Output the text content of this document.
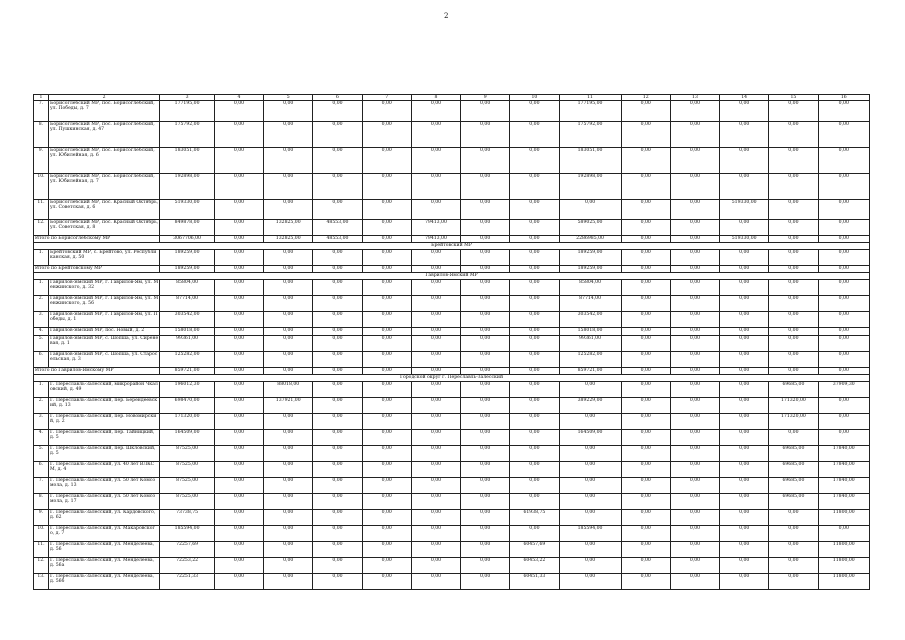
2
1	2	3	4	5	6	7	8	9	10	11	12	13	14	15	16
7.	Борисоглебский МР, пос. Борисоглебский, ул. Победы, д. 7	177195,00	0,00	0,00	0,00	0,00	0,00	0,00	0,00	177195,00	0,00	0,00	0,00	0,00	0,00
8.	Борисоглебский МР, пос. Борисоглебский, ул. Пушкинская, д. 47	175792,00	0,00	0,00	0,00	0,00	0,00	0,00	0,00	175792,00	0,00	0,00	0,00	0,00	0,00
9.	Борисоглебский МР, пос. Борисоглебский, ул. Юбилейная, д. 6	183051,00	0,00	0,00	0,00	0,00	0,00	0,00	0,00	183051,00	0,00	0,00	0,00	0,00	0,00
10.	Борисоглебский МР, пос. Борисоглебский, ул. Юбилейная, д. 7	192898,00	0,00	0,00	0,00	0,00	0,00	0,00	0,00	192898,00	0,00	0,00	0,00	0,00	0,00
11.	Борисоглебский МР, пос. Красный Октябрь, ул. Советская, д. 6	519330,00	0,00	0,00	0,00	0,00	0,00	0,00	0,00	0,00	0,00	0,00	519330,00	0,00	0,00
12.	Борисоглебский МР, пос. Красный Октябрь, ул. Советская, д. 8	849878,00	0,00	132825,00	48553,00	0,00	79413,00	0,00	0,00	589025,00	0,00	0,00	0,00	0,00	0,00
Итого по Борисоглебскому МР		3067706,00	0,00	132825,00	48553,00	0,00	79413,00	0,00	0,00	2286985,00	0,00	0,00	519330,00	0,00	0,00
Брейтовский МР															
1.	Брейтовский МР, с. Брейтово, ул. Республиканская, д. 50	189259,00	0,00	0,00	0,00	0,00	0,00	0,00	0,00	189259,00	0,00	0,00	0,00	0,00	0,00
Итого по Брейтовскому МР		189259,00	0,00	0,00	0,00	0,00	0,00	0,00	0,00	189259,00	0,00	0,00	0,00	0,00	0,00
Гаврилов-Ямский МР															
1.	Гаврилов-Ямский МР, г. Гаврилов-Ям, ул. Менжинского, д. 32	85804,00	0,00	0,00	0,00	0,00	0,00	0,00	0,00	85804,00	0,00	0,00	0,00	0,00	0,00
2.	Гаврилов-Ямский МР, г. Гаврилов-Ям, ул. Менжинского, д. 56	87714,00	0,00	0,00	0,00	0,00	0,00	0,00	0,00	87714,00	0,00	0,00	0,00	0,00	0,00
3.	Гаврилов-Ямский МР, г. Гаврилов-Ям, ул. Победы, д. 1	303542,00	0,00	0,00	0,00	0,00	0,00	0,00	0,00	303542,00	0,00	0,00	0,00	0,00	0,00
4.	Гаврилов-Ямский МР, пос. Новый, д. 2	158018,00	0,00	0,00	0,00	0,00	0,00	0,00	0,00	158018,00	0,00	0,00	0,00	0,00	0,00
5.	Гаврилов-Ямский МР, с. Шопша, ул. Сиреневая, д. 1	99361,00	0,00	0,00	0,00	0,00	0,00	0,00	0,00	99361,00	0,00	0,00	0,00	0,00	0,00
6.	Гаврилов-Ямский МР, с. Шопша, ул. Старосельская, д. 3	125282,00	0,00	0,00	0,00	0,00	0,00	0,00	0,00	125282,00	0,00	0,00	0,00	0,00	0,00
Итого по Гаврилов-Ямскому МР		859721,00	0,00	0,00	0,00	0,00	0,00	0,00	0,00	859721,00	0,00	0,00	0,00	0,00	0,00
Городской округ г. Переславль-Залесский															
1.	Г. Переславль-Залесский, микрорайон Чкаловский, д. 49	196012,30	0,00	88018,00	0,00	0,00	0,00	0,00	0,00	0,00	0,00	0,00	0,00	69685,00	37909,30
2.	Г. Переславль-Залесский, пер. Берендеевский, д. 13	698470,00	0,00	137921,00	0,00	0,00	0,00	0,00	0,00	389229,00	0,00	0,00	0,00	171320,00	0,00
3.	Г. Переславль-Залесский, пер. Новомирский, д. 2	171320,00	0,00	0,00	0,00	0,00	0,00	0,00	0,00	0,00	0,00	0,00	0,00	171320,00	0,00
4.	Г. Переславль-Залесский, пер. Тайницкий, д. 5	164509,00	0,00	0,00	0,00	0,00	0,00	0,00	0,00	164509,00	0,00	0,00	0,00	0,00	0,00
5.	Г. Переславль-Залесский, пер. Шкловский, д. 5	87525,00	0,00	0,00	0,00	0,00	0,00	0,00	0,00	0,00	0,00	0,00	0,00	69685,00	17840,00
6.	Г. Переславль-Залесский, ул. 40 лет ВЛКСМ, д. 4	87525,00	0,00	0,00	0,00	0,00	0,00	0,00	0,00	0,00	0,00	0,00	0,00	69685,00	17840,00
7.	Г. Переславль-Залесский, ул. 50 лет Комсомола, д. 13	87525,00	0,00	0,00	0,00	0,00	0,00	0,00	0,00	0,00	0,00	0,00	0,00	69685,00	17840,00
8.	Г. Переславль-Залесский, ул. 50 лет Комсомола, д. 17	87525,00	0,00	0,00	0,00	0,00	0,00	0,00	0,00	0,00	0,00	0,00	0,00	69685,00	17840,00
9.	Г. Переславль-Залесский, ул. Кардовского, д. 62	73738,75	0,00	0,00	0,00	0,00	0,00	0,00	61938,75	0,00	0,00	0,00	0,00	0,00	11800,00
10.	Г. Переславль-Залесский, ул. Макаровского, д. 7	185594,00	0,00	0,00	0,00	0,00	0,00	0,00	0,00	185594,00	0,00	0,00	0,00	0,00	0,00
11.	Г. Переславль-Залесский, ул. Менделеева, д. 56	72257,69	0,00	0,00	0,00	0,00	0,00	0,00	60457,69	0,00	0,00	0,00	0,00	0,00	11800,00
12.	Г. Переславль-Залесский, ул. Менделеева, д. 56а	72253,22	0,00	0,00	0,00	0,00	0,00	0,00	60453,22	0,00	0,00	0,00	0,00	0,00	11800,00
13.	Г. Переславль-Залесский, ул. Менделеева, д. 56б	72251,33	0,00	0,00	0,00	0,00	0,00	0,00	60451,33	0,00	0,00	0,00	0,00	0,00	11800,00
